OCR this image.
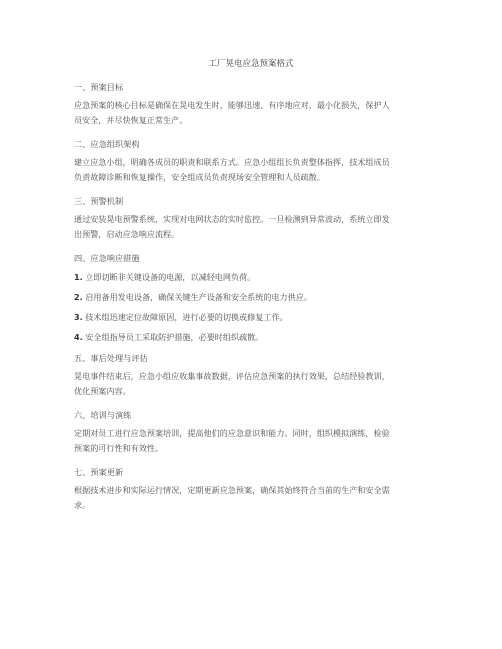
工厂晃电应急预案格式
一、预案目标
应急预案的核心目标是确保在晃电发生时，能够迅速、有序地应对，最小化损失，保护人
员安全，并尽快恢复正常生产。
二、应急组织架构
建立应急小组，明确各成员的职责和联系方式。应急小组组长负责整体指挥，技术组成员
负责故障诊断和恢复操作，安全组成员负责现场安全管理和人员疏散。
三、预警机制
通过安装晃电预警系统，实现对电网状态的实时监控。一旦检测到异常波动，系统立即发
出预警，启动应急响应流程。
四、应急响应措施
1. 立即切断非关键设备的电源，以减轻电网负荷。
2. 启用备用发电设备，确保关键生产设备和安全系统的电力供应。
3. 技术组迅速定位故障原因，进行必要的切换或修复工作。
4. 安全组指导员工采取防护措施，必要时组织疏散。
五、事后处理与评估
晃电事件结束后，应急小组应收集事故数据，评估应急预案的执行效果，总结经验教训，
优化预案内容。
六、培训与演练
定期对员工进行应急预案培训，提高他们的应急意识和能力。同时，组织模拟演练，检验
预案的可行性和有效性。
七、预案更新
根据技术进步和实际运行情况，定期更新应急预案，确保其始终符合当前的生产和安全需
求。
